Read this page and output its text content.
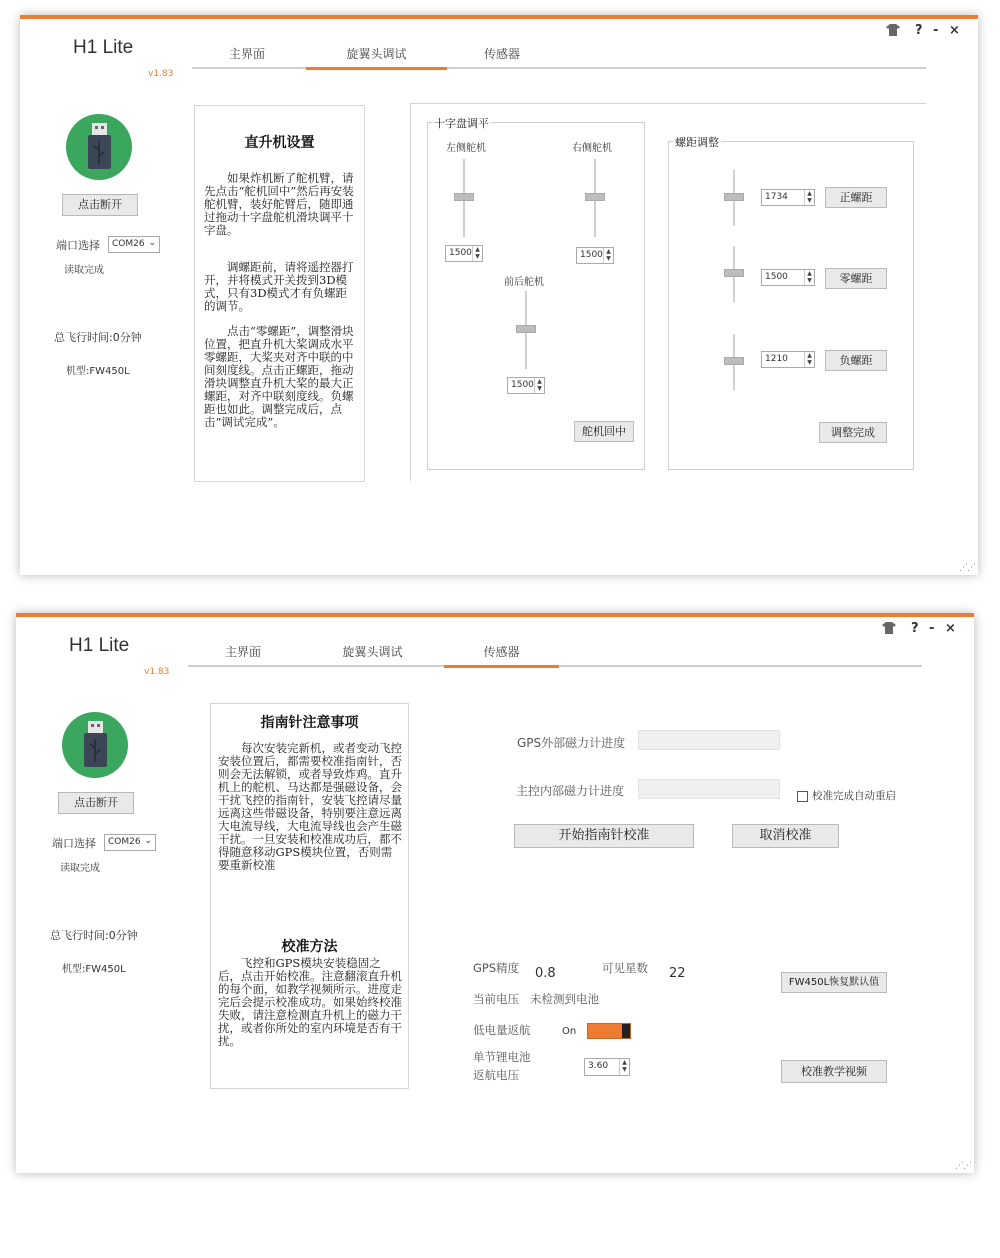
H1 Lite
v1.83
? - ×
主界面	旋翼头调试	传感器
点击断开
端口选择	COM26 ⌄
读取完成
总飞行时间:0分钟
机型:FW450L
直升机设置
如果炸机断了舵机臂，请先点击“舵机回中”然后再安装舵机臂，装好舵臂后，随即通过拖动十字盘舵机滑块调平十字盘。
调螺距前，请将遥控器打开，并将模式开关拨到3D模式，只有3D模式才有负螺距的调节。
点击“零螺距”，调整滑块位置，把直升机大桨调成水平零螺距，大桨夹对齐中联的中间刻度线。点击正螺距，拖动滑块调整直升机大桨的最大正螺距，对齐中联刻度线。负螺距也如此。调整完成后，点击“调试完成”。
十字盘调平
左侧舵机	右侧舵机
1500 ▲
▼	1500 ▲
▼
前后舵机
1500 ▲
▼
舵机回中
螺距调整
1734	▲
▼	正螺距
1500	▲
▼	零螺距
1210	▲
▼	负螺距
调整完成
⋰⋰
H1 Lite
v1.83
? - ×
主界面	旋翼头调试	传感器
点击断开
端口选择	COM26 ⌄
读取完成
总飞行时间:0分钟
机型:FW450L
指南针注意事项
每次安装完新机，或者变动飞控安装位置后，都需要校准指南针，否则会无法解锁，或者导致炸鸡。直升机上的舵机、马达都是强磁设备，会干扰飞控的指南针，安装飞控请尽量远离这些带磁设备，特别要注意远离大电流导线，大电流导线也会产生磁干扰。一旦安装和校准成功后，都不得随意移动GPS模块位置，否则需要重新校准
校准方法
飞控和GPS模块安装稳固之后，点击开始校准。注意翻滚直升机的每个面，如教学视频所示。进度走完后会提示校准成功。如果始终校准失败，请注意检测直升机上的磁力干扰，或者你所处的室内环境是否有干扰。
GPS外部磁力计进度
主控内部磁力计进度	校准完成自动重启
开始指南针校准	取消校准
GPS精度 0.8	可见星数 22
当前电压 未检测到电池
FW450L恢复默认值
低电量返航	On
单节锂电池
返航电压
3.60	▲
▼	校准教学视频
⋰⋰
